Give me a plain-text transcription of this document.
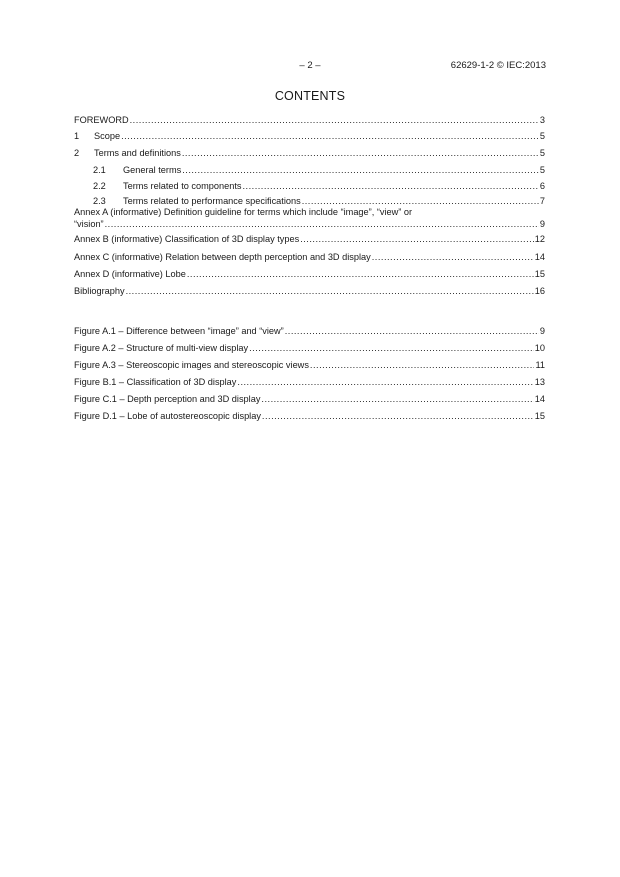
– 2 –	62629-1-2 © IEC:2013
CONTENTS
FOREWORD .....	3
1	Scope .....	5
2	Terms and definitions .....	5
2.1	General terms .....	5
2.2	Terms related to components .....	6
2.3	Terms related to performance specifications .....	7
Annex A (informative) Definition guideline for terms which include “image”, “view” or
“vision” .....	9
Annex B (informative) Classification of 3D display types .....	12
Annex C (informative) Relation between depth perception and 3D display .....	14
Annex D (informative) Lobe .....	15
Bibliography .....	16
Figure A.1 – Difference between “image” and “view” .....	9
Figure A.2 – Structure of multi-view display .....	10
Figure A.3 – Stereoscopic images and stereoscopic views .....	11
Figure B.1 – Classification of 3D display .....	13
Figure C.1 – Depth perception and 3D display .....	14
Figure D.1 – Lobe of autostereoscopic display .....	15
